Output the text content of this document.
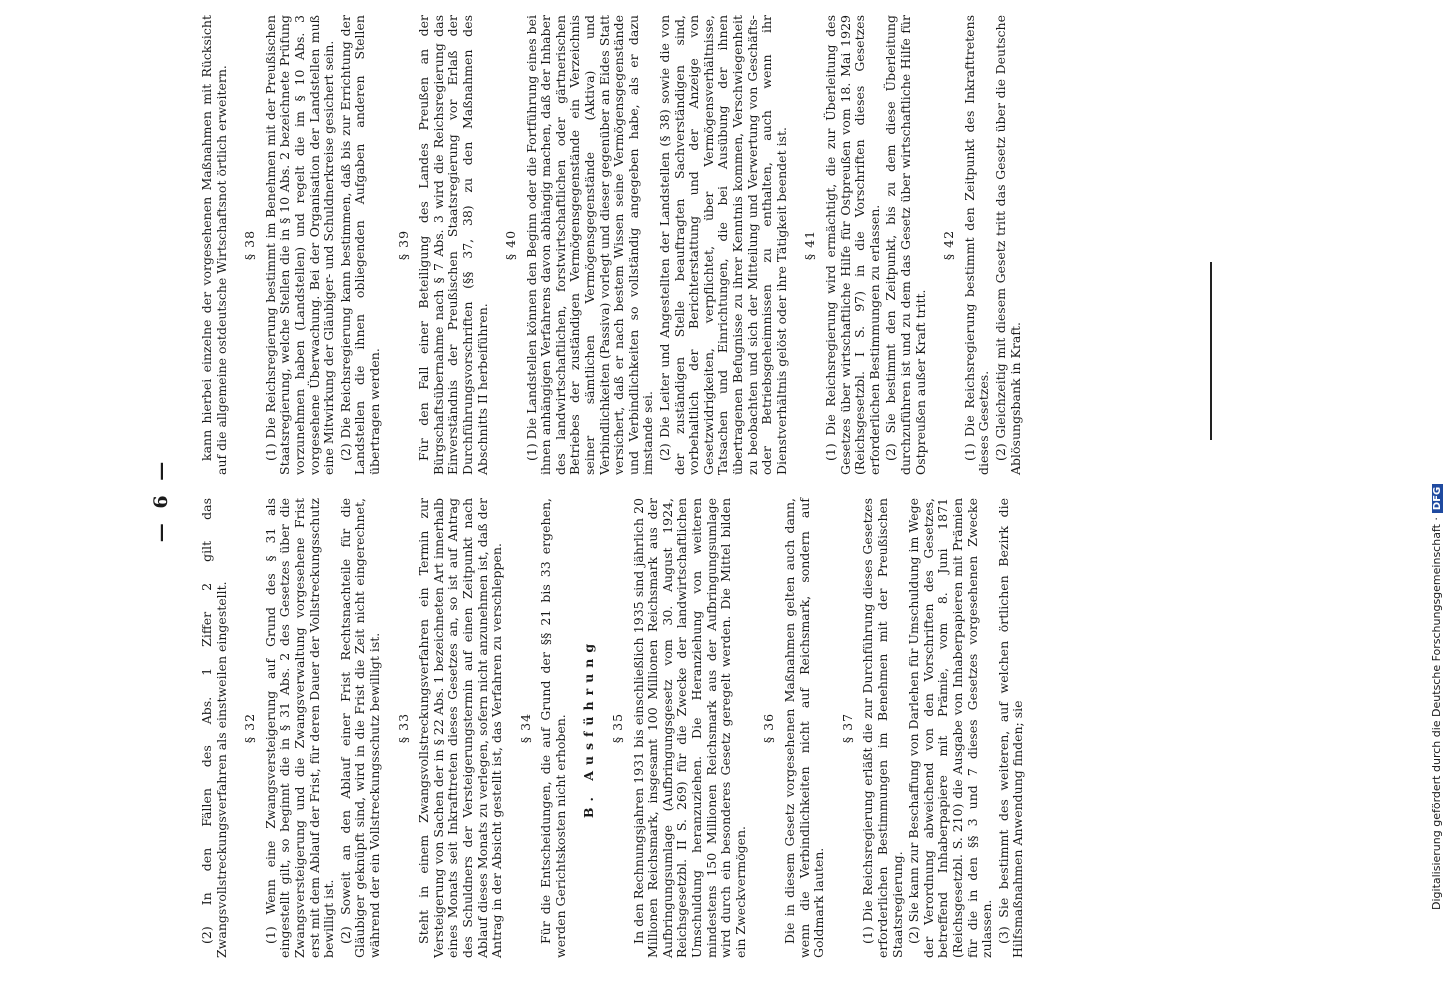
— 6 — (2) In den Fällen des Abs. 1 Ziffer 2 gilt das Zwangsvollstreckungsverfahren als einstweilen eingestellt. § 32 (1) Wenn eine Zwangsversteigerung auf Grund des § 31 als eingestellt gilt, so beginnt die in § 31 Abs. 2 des Gesetzes über die Zwangsversteigerung und die Zwangsverwaltung vorgesehene Frist erst mit dem Ablauf der Frist, für deren Dauer der Vollstreckungsschutz bewilligt ist. (2) Soweit an den Ablauf einer Frist Rechtsnachteile für die Gläubiger geknüpft sind, wird in die Frist die Zeit nicht eingerechnet, während der ein Vollstreckungsschutz bewilligt ist. § 33 Steht in einem Zwangsvollstreckungsverfahren ein Termin zur Versteigerung von Sachen der in § 22 Abs. 1 bezeichneten Art innerhalb eines Monats seit Inkrafttreten dieses Gesetzes an, so ist auf Antrag des Schuldners der Versteigerungstermin auf einen Zeitpunkt nach Ablauf dieses Monats zu verlegen, sofern nicht anzunehmen ist, daß der Antrag in der Absicht gestellt ist, das Verfahren zu verschleppen. § 34 Für die Entscheidungen, die auf Grund der §§ 21 bis 33 ergehen, werden Gerichtskosten nicht erhoben. B. Ausführung § 35 In den Rechnungsjahren 1931 bis einschließlich 1935 sind jährlich 20 Millionen Reichsmark, insgesamt 100 Millionen Reichsmark aus der Aufbringungsumlage (Aufbringungsgesetz vom 30. August 1924, Reichsgesetzbl. II S. 269) für die Zwecke der landwirtschaftlichen Umschuldung heranzuziehen. Die Heranziehung von weiteren mindestens 150 Millionen Reichsmark aus der Aufbringungsumlage wird durch ein besonderes Gesetz geregelt werden. Die Mittel bilden ein Zweckvermögen.

§ 36 Die in diesem Gesetz vorgesehenen Maßnahmen gelten auch dann, wenn die Verbindlichkeiten nicht auf Reichsmark, sondern auf Goldmark lauten.

§ 37 (1) Die Reichsregierung erläßt die zur Durchführung dieses Gesetzes erforderlichen Bestimmungen im Benehmen mit der Preußischen Staatsregierung. (2) Sie kann zur Beschaffung von Darlehen für Umschuldung im Wege der Verordnung abweichend von den Vorschriften des Gesetzes, betreffend Inhaberpapiere mit Prämie, vom 8. Juni 1871 (Reichsgesetzbl. S. 210) die Ausgabe von Inhaberpapieren mit Prämien für die in den §§ 3 und 7 dieses Gesetzes vorgesehenen Zwecke zulassen. (3) Sie bestimmt des weiteren, auf welchen örtlichen Bezirk die Hilfsmaßnahmen Anwendung finden; sie

kann hierbei einzelne der vorgesehenen Maßnahmen mit Rücksicht auf die allgemeine ostdeutsche Wirtschaftsnot örtlich erweitern. § 38 (1) Die Reichsregierung bestimmt im Benehmen mit der Preußischen Staatsregierung, welche Stellen die in § 10 Abs. 2 bezeichnete Prüfung vorzunehmen haben (Landstellen) und regelt die im § 10 Abs. 3 vorgesehene Überwachung. Bei der Organisation der Landstellen muß eine Mitwirkung der Gläubiger- und Schuldnerkreise gesichert sein. (2) Die Reichsregierung kann bestimmen, daß bis zur Errichtung der Landstellen die ihnen obliegenden Aufgaben anderen Stellen übertragen werden.

§ 39 Für den Fall einer Beteiligung des Landes Preußen an der Bürgschaftsübernahme nach § 7 Abs. 3 wird die Reichsregierung das Einverständnis der Preußischen Staatsregierung vor Erlaß der Durchführungsvorschriften (§§ 37, 38) zu den Maßnahmen des Abschnitts II herbeiführen.

§ 40 (1) Die Landstellen können den Beginn oder die Fortführung eines bei ihnen anhängigen Verfahrens davon abhängig machen, daß der Inhaber des landwirtschaftlichen, forstwirtschaftlichen oder gärtnerischen Betriebes der zuständigen Vermögensgegenstände ein Verzeichnis seiner sämtlichen Vermögensgegenstände (Aktiva) und Verbindlichkeiten (Passiva) vorlegt und dieser gegenüber an Eides Statt versichert, daß er nach bestem Wissen seine Vermögensgegenstände und Verbindlichkeiten so vollständig angegeben habe, als er dazu imstande sei. (2) Die Leiter und Angestellten der Landstellen (§ 38) sowie die von der zuständigen Stelle beauftragten Sachverständigen sind, vorbehaltlich der Berichterstattung und der Anzeige von Gesetzwidrigkeiten, verpflichtet, über Vermögensverhältnisse, Tatsachen und Einrichtungen, die bei Ausübung der ihnen übertragenen Befugnisse zu ihrer Kenntnis kommen, Verschwiegenheit zu beobachten und sich der Mitteilung und Verwertung von Geschäfts- oder Betriebsgeheimnissen zu enthalten, auch wenn ihr Dienstverhältnis gelöst oder ihre Tätigkeit beendet ist. § 41 (1) Die Reichsregierung wird ermächtigt, die zur Überleitung des Gesetzes über wirtschaftliche Hilfe für Ostpreußen vom 18. Mai 1929 (Reichsgesetzbl. I S. 97) in die Vorschriften dieses Gesetzes erforderlichen Bestimmungen zu erlassen. (2) Sie bestimmt den Zeitpunkt, bis zu dem diese Überleitung durchzuführen ist und zu dem das Gesetz über wirtschaftliche Hilfe für Ostpreußen außer Kraft tritt.

§ 42 (1) Die Reichsregierung bestimmt den Zeitpunkt des Inkrafttretens dieses Gesetzes. (2) Gleichzeitig mit diesem Gesetz tritt das Gesetz über die Deutsche Ablösungsbank in Kraft.

Digitalisierung gefördert durch die Deutsche Forschungsgemeinschaft ·DFG
